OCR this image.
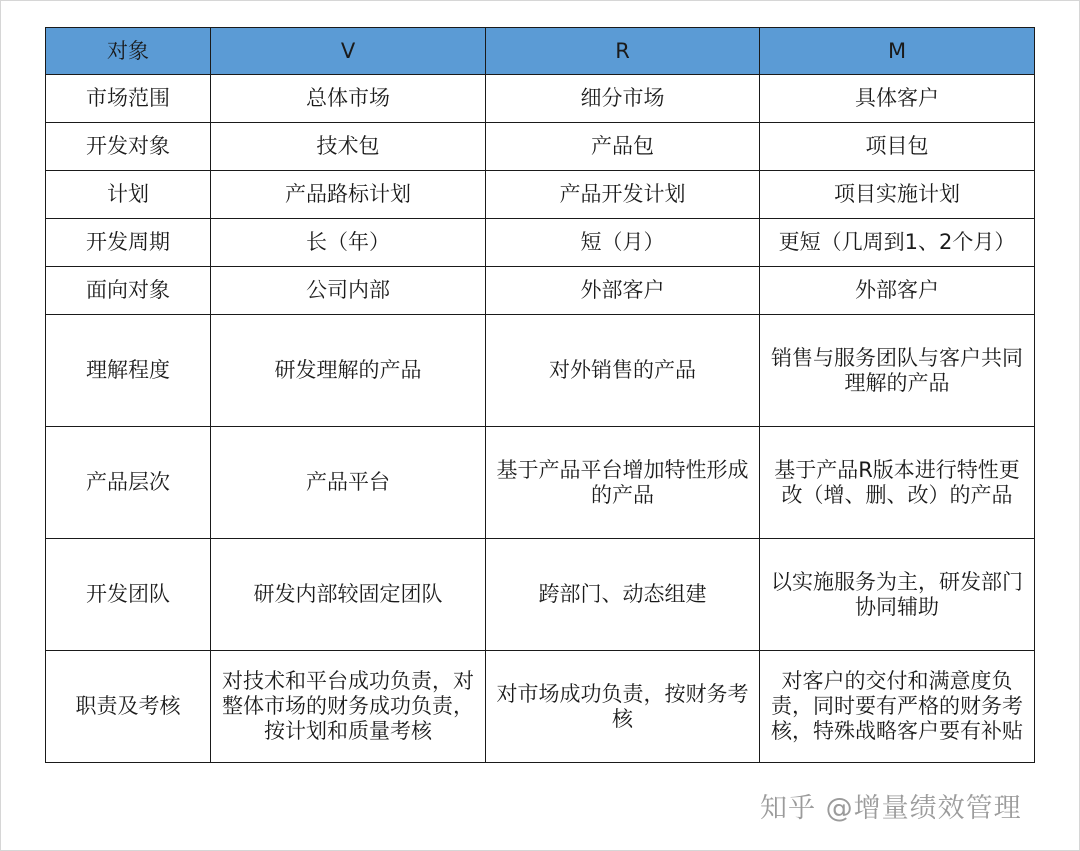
对象	V	R	M
市场范围	总体市场	细分市场	具体客户
开发对象	技术包	产品包	项目包
计划	产品路标计划	产品开发计划	项目实施计划
开发周期	长（年）	短（月）	更短（几周到1、2个月）
面向对象	公司内部	外部客户	外部客户
理解程度	研发理解的产品	对外销售的产品	销售与服务团队与客户共同理解的产品
产品层次	产品平台	基于产品平台增加特性形成的产品	基于产品R版本进行特性更改（增、删、改）的产品
开发团队	研发内部较固定团队	跨部门、动态组建	以实施服务为主，研发部门协同辅助
职责及考核	对技术和平台成功负责，对整体市场的财务成功负责，按计划和质量考核	对市场成功负责，按财务考核	对客户的交付和满意度负责，同时要有严格的财务考核，特殊战略客户要有补贴
知乎 @增量绩效管理
